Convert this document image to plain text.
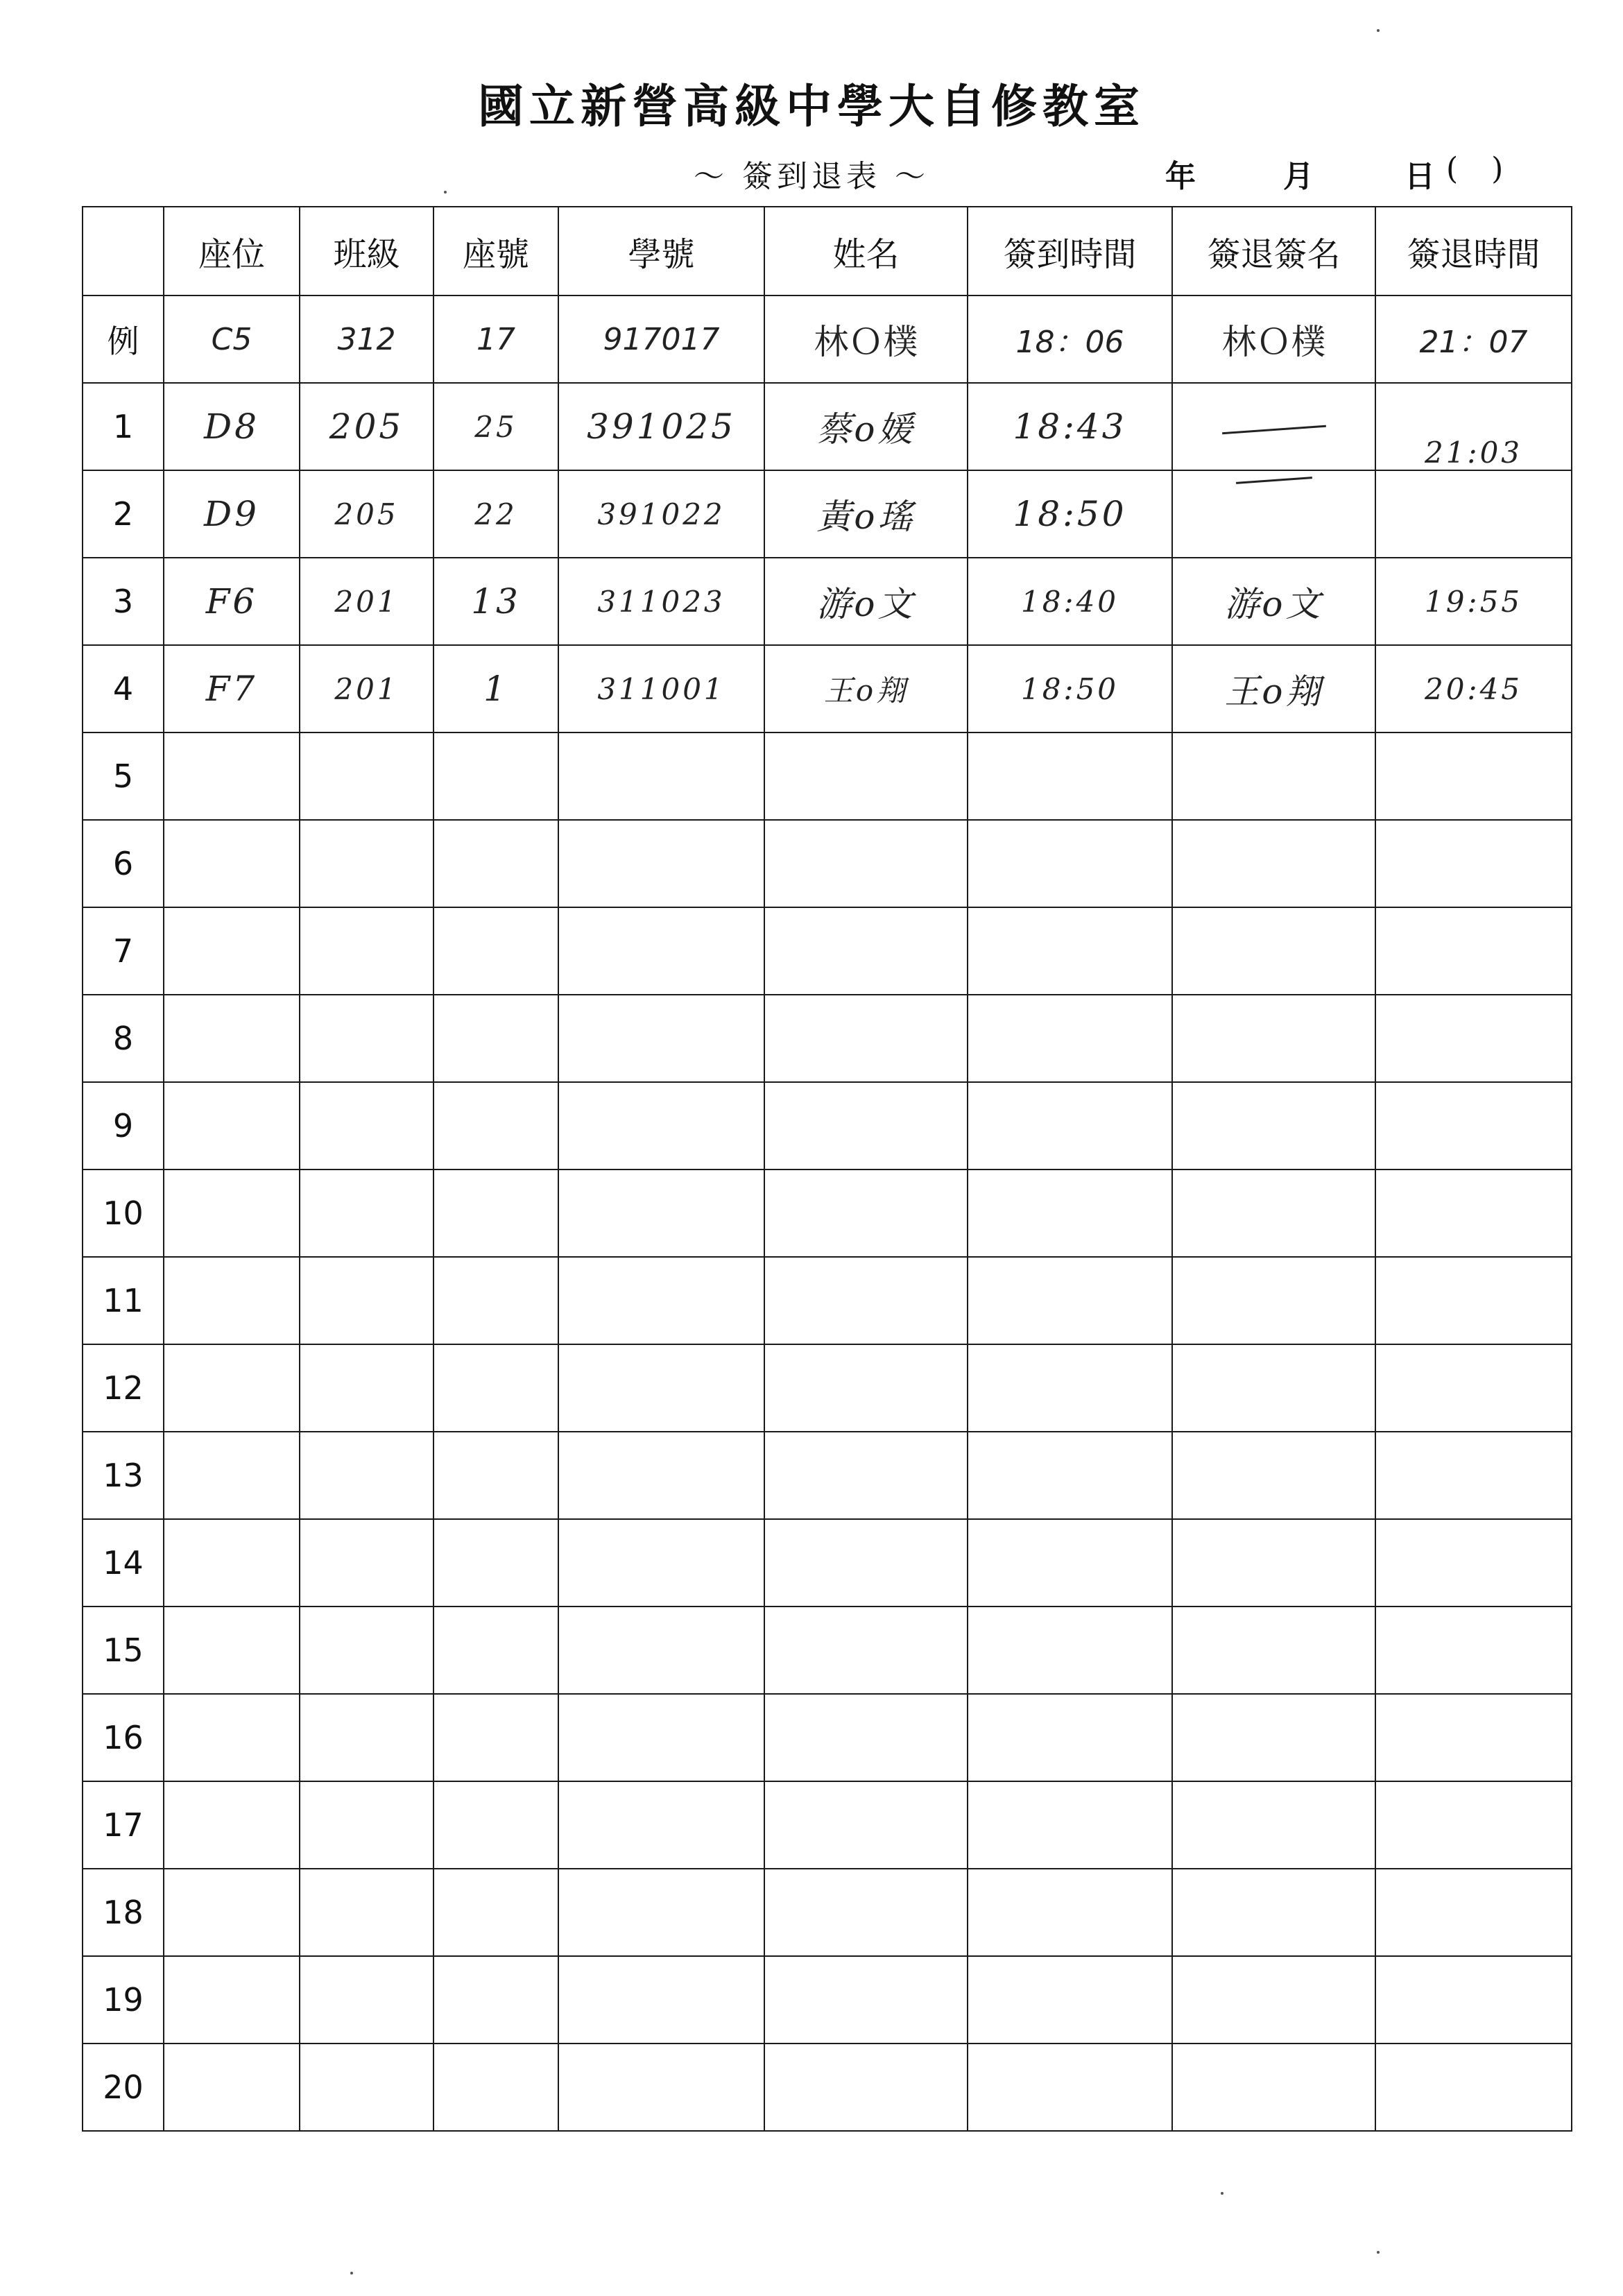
國立新營高級中學大自修教室
～ 簽到退表 ～	年	月	日 ()
	座位	班級	座號	學號	姓名	簽到時間	簽退簽名	簽退時間
例	C5	312	17	917017	林Ｏ樸	18：06	林Ｏ樸	21：07
1	D8	205	25	391025	蔡o媛	18:43		21:03
2	D9	205	22	391022	黃o瑤	18:50		
3	F6	201	13	311023	游o文	18:40	游o文	19:55
4	F7	201	1	311001	王o翔	18:50	王o翔	20:45
5								
6								
7								
8								
9								
10								
11								
12								
13								
14								
15								
16								
17								
18								
19								
20								
